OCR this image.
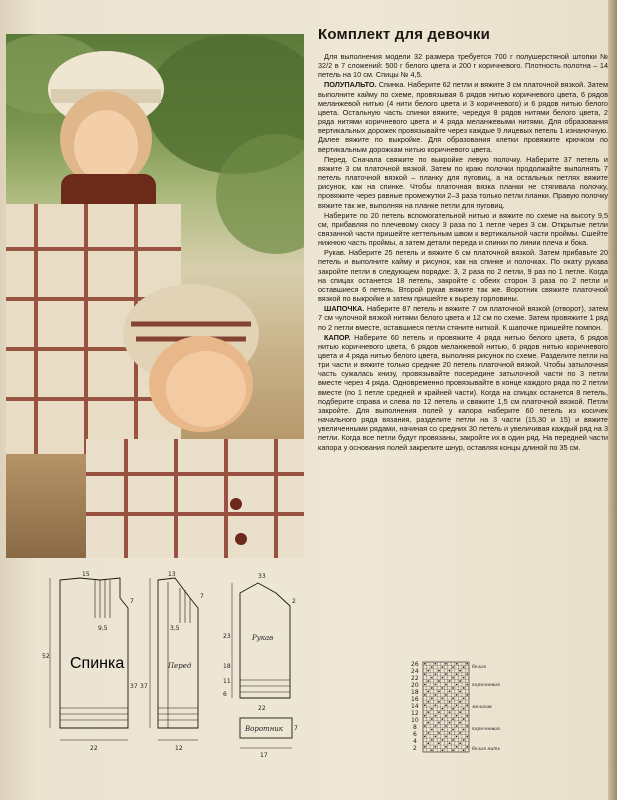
Комплект для девочки

Для выполнения модели 32 размера требуется 700 г полушерстяной штопки № 32/2 в 7 сложений: 500 г белого цвета и 200 г коричневого. Плотность полотна – 14 петель на 10 см. Спицы № 4,5.

ПОЛУПАЛЬТО. Спинка. Наберите 62 петли и вяжите 3 см платочной вязкой. Затем выполните кайму по схеме, провязывая 6 рядов нитью коричневого цвета, 6 рядов меланжевой нитью (4 нити белого цвета и 3 коричневого) и 6 рядов нитью белого цвета. Остальную часть спинки вяжите, чередуя 8 рядов нитями белого цвета, 2 ряда нитями коричневого цвета и 4 ряда меланжевыми нитями. Для образования вертикальных дорожек провязывайте через каждые 9 лицевых петель 1 изнаночную. Далее вяжите по выкройке. Для образования клетки провяжите крючком по вертикальным дорожкам нитью коричневого цвета.

Перед. Сначала свяжите по выкройке левую полочку. Наберите 37 петель и вяжите 3 см платочной вязкой. Затем по краю полочки продолжайте выполнять 7 петель платочной вязкой – планку для пуговиц, а на остальных петлях вяжите рисунок, как на спинке. Чтобы платочная вязка планки не стягивала полочку, провяжите через равные промежутки 2–3 раза только петли планки. Правую полочку вяжите так же, выполняя на планке петли для пуговиц.

Наберите по 20 петель вспомогательной нитью и вяжите по схеме на высоту 9,5 см, прибавляя по плечевому скосу 3 раза по 1 петле через 3 см. Открытые петли связанной части пришейте кеттельным швом к вертикальной части проймы. Сшейте нижнюю часть проймы, а затем детали переда и спинки по линии плеча и бока.

Рукав. Наберите 25 петель и вяжите 6 см платочной вязкой. Затем прибавьте 20 петель и выполните кайму и рисунок, как на спинке и полочках. По окату рукава закройте петли в следующем порядке: 3, 2 раза по 2 петли, 9 раз по 1 петле. Когда на спицах останется 18 петель, закройте с обеих сторон 3 раза по 2 петли и оставшиеся 6 петель. Второй рукав вяжите так же. Воротник свяжите платочной вязкой по выкройке и затем пришейте к вырезу горловины.

ШАПОЧКА. Наберите 87 петель и вяжите 7 см платочной вязкой (отворот), затем 7 см чулочной вязкой нитями белого цвета и 12 см по схеме. Затем провяжите 1 ряд по 2 петли вместе, оставшиеся петли стяните ниткой. К шапочке пришейте помпон.

КАПОР. Наберите 60 петель и провяжите 4 ряда нитью белого цвета, 6 рядов нитью коричневого цвета, 6 рядов меланжевой нитью, 6 рядов нитью коричневого цвета и 4 ряда нитью белого цвета, выполняя рисунок по схеме. Разделите петли на три части и вяжите только средние 20 петель платочной вязкой. Чтобы затылочная часть сужалась книзу, провязывайте посередине затылочной части по 3 петли вместе через 4 ряда. Одновременно провязывайте в конце каждого ряда по 2 петли вместе (по 1 петле средней и крайней части). Когда на спицах останется 8 петель, подберите справа и слева по 12 петель и свяжите 1,5 см платочной вязкой. Петли закройте. Для выполнения полей у капора наберите 60 петель из косичек начального ряда вязания, разделите петли на 3 части (15,30 и 15) и вяжите увеличенными рядами, начиная со средних 30 петель и увеличивая каждый ряд на 3 петли. Когда все петли будут провязаны, закройте их в один ряд. На передней части капора у основания полей закрепите шнур, оставляя концы длиной по 35 см.

15
9,5
52
37
7
22
Спинка
13
7
37
3,5
12
Перед
2
23
18
11
6
22
33
7
17
Рукав
Воротник
26
24
22
20
18
16
14
12
10
8
6
4
2
белая
коричневая
меланж
коричневая
белая нить
